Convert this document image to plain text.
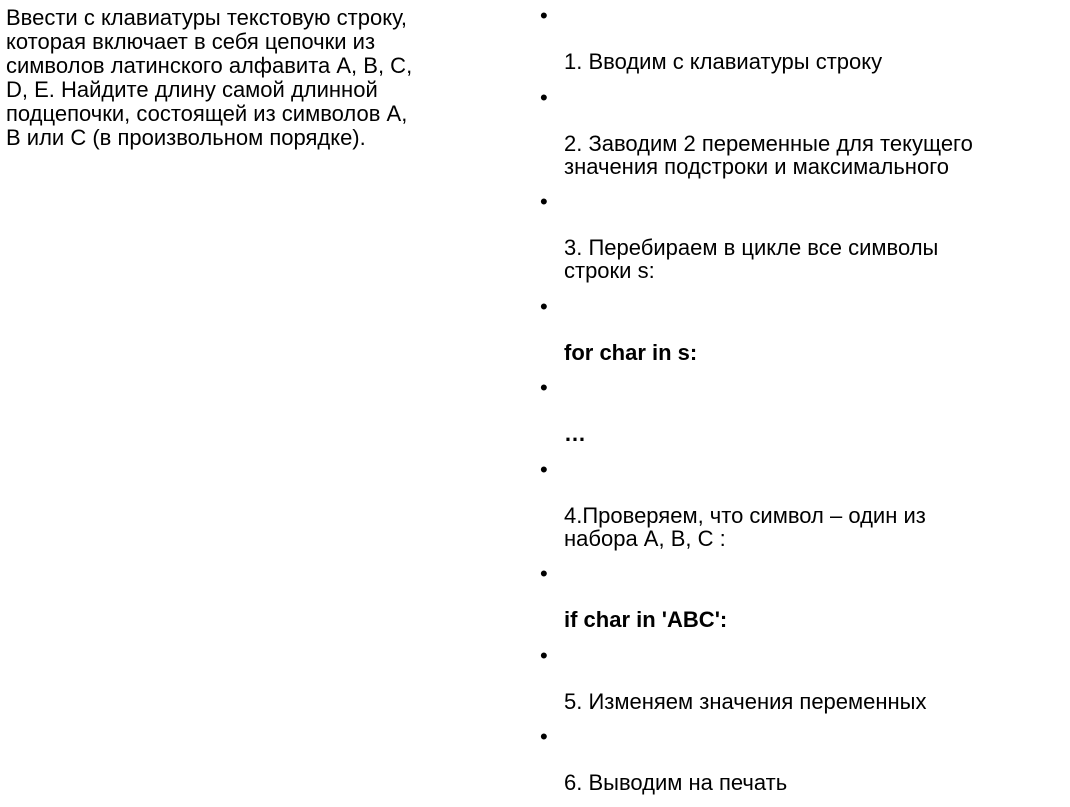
Ввести с клавиатуры текстовую строку,
которая включает в себя цепочки из
символов латинского алфавита A, B, C,
D, E. Найдите длину самой длинной
подцепочки, состоящей из символов A,
B или C (в произвольном порядке).

•

1. Вводим с клавиатуры строку

•

2. Заводим 2 переменные для текущего
значения подстроки и максимального

•

3. Перебираем в цикле все символы
строки s:

•

for char in s:

•

…

•

4.Проверяем, что символ – один из
набора A, B, C :

•

if char in 'ABC':

•

5. Изменяем значения переменных

•

6. Выводим на печать
